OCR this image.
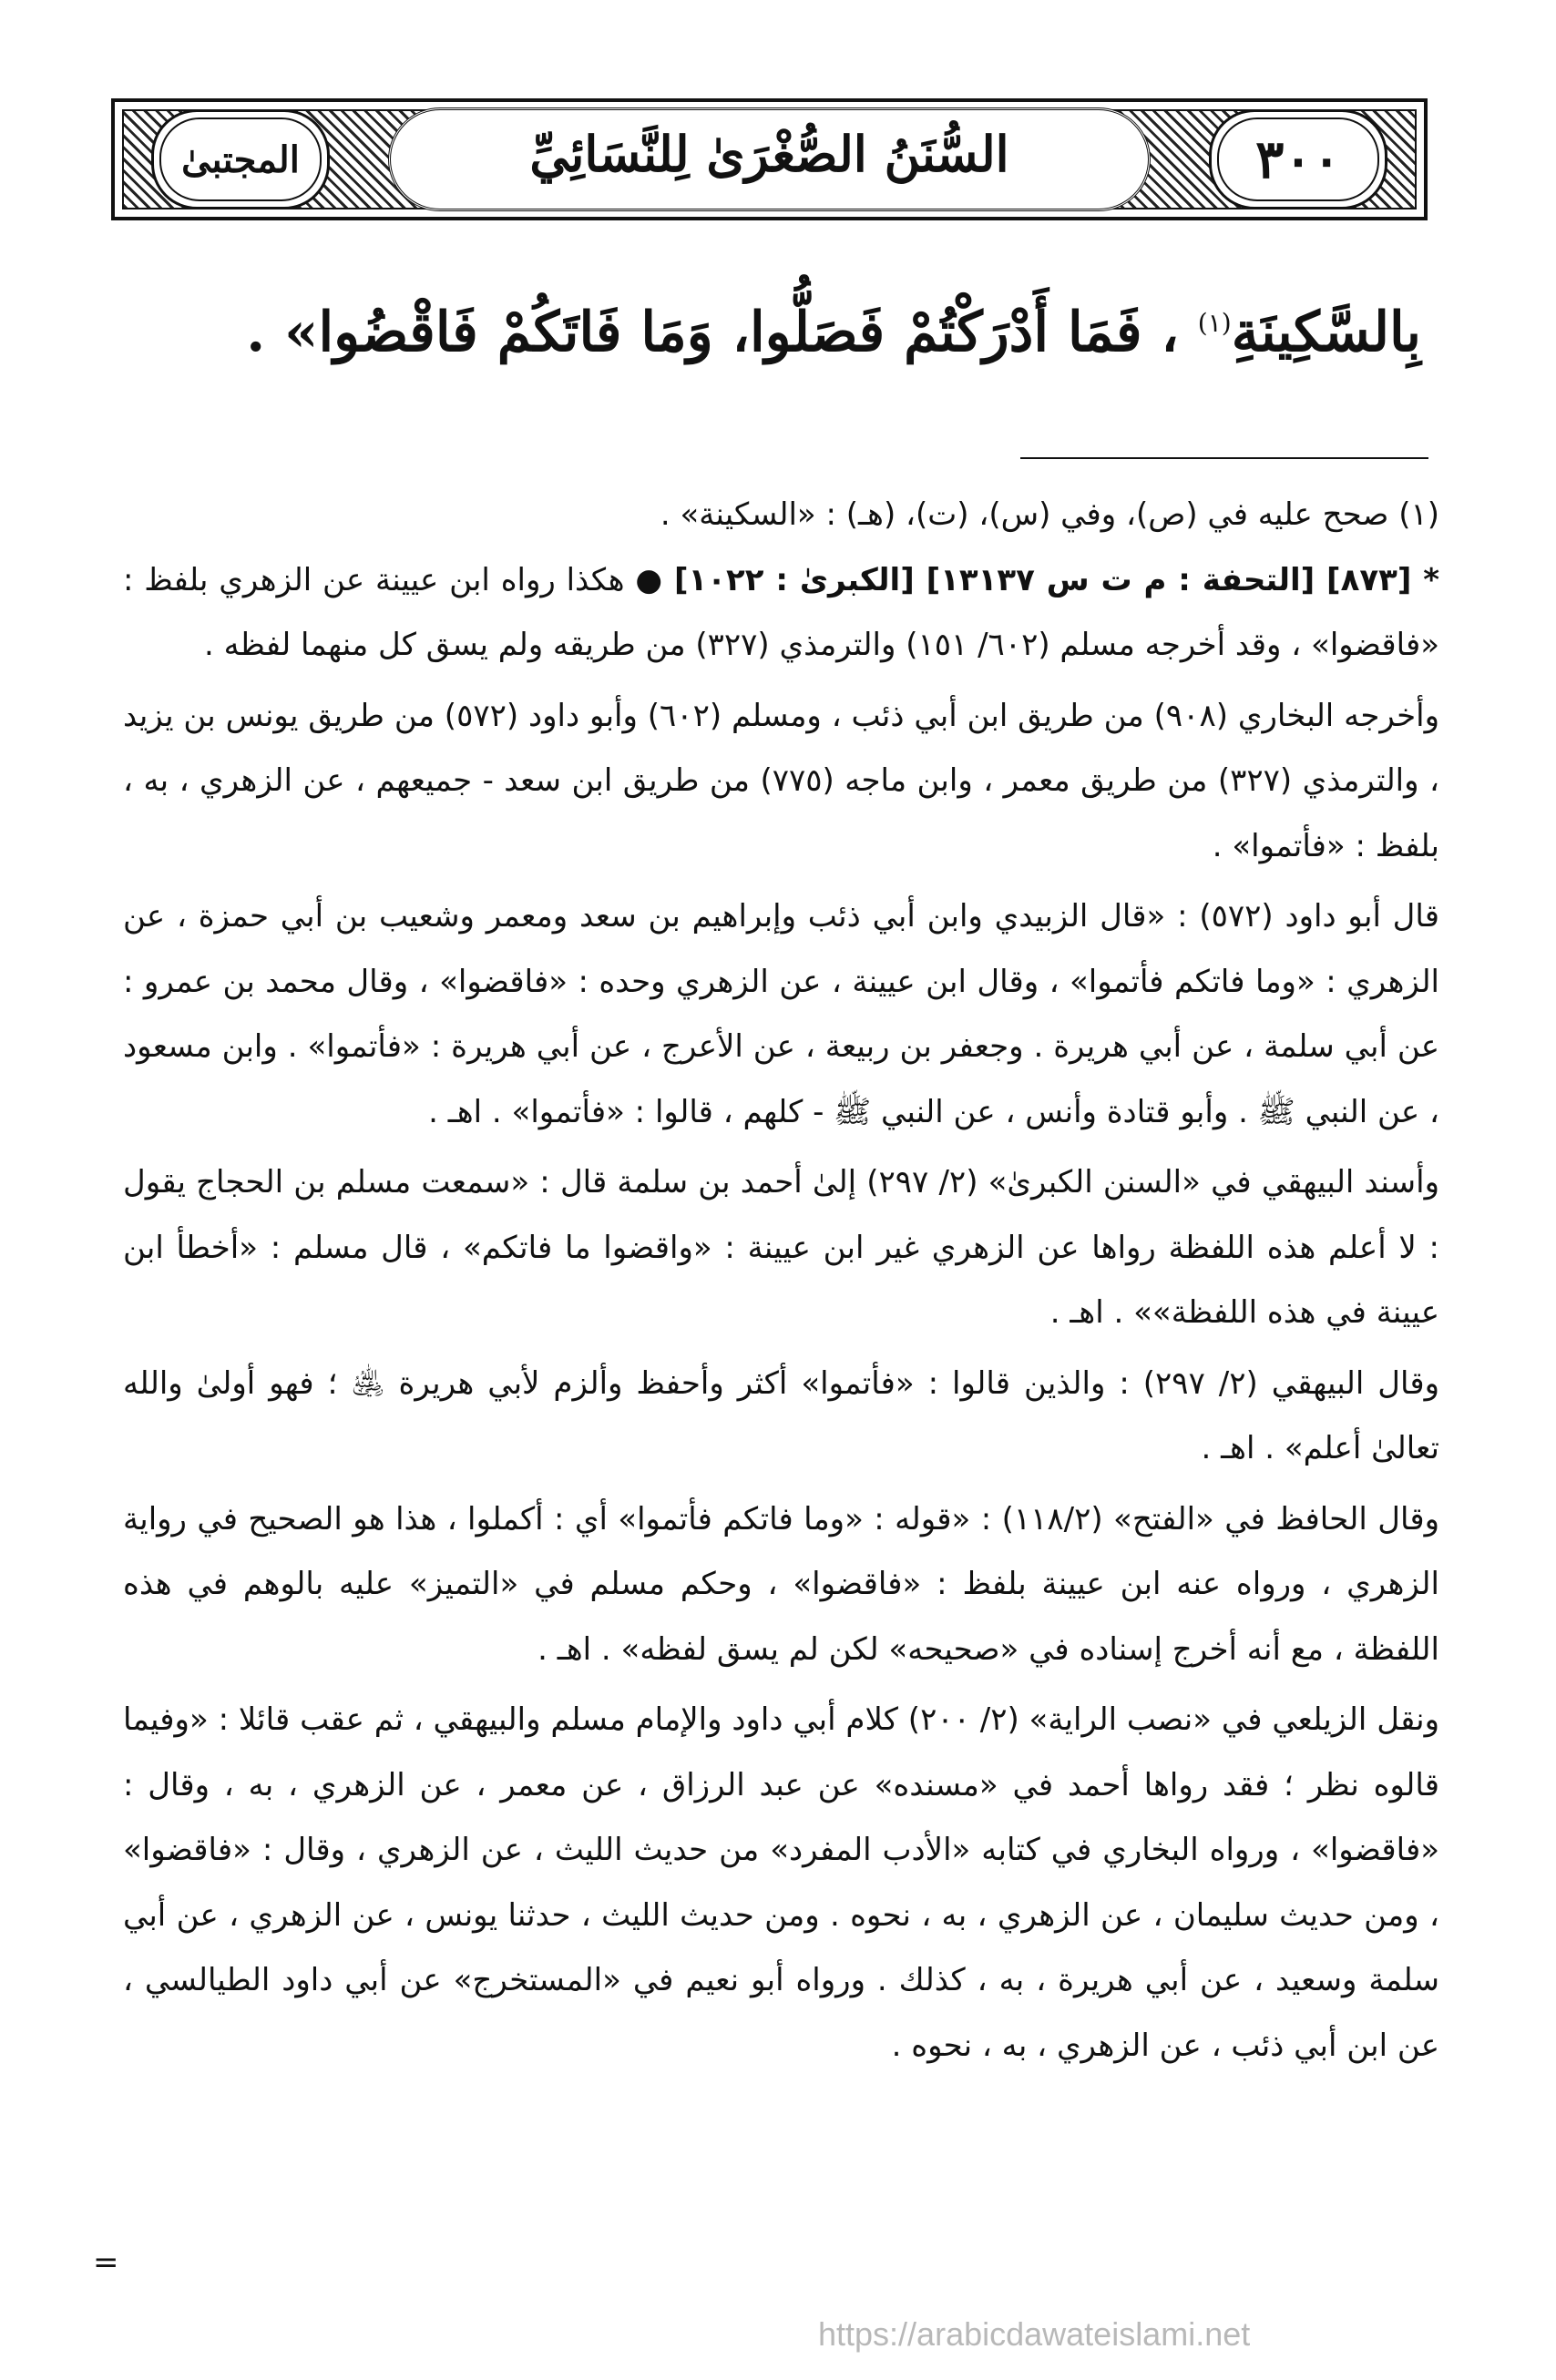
السُّنَنُ الصُّغْرَىٰ لِلنَّسَائِيِّ	٣٠٠
المجتبىٰ
بِالسَّكِينَةِ$^{(١)}$ ، فَمَا أَدْرَكْتُمْ فَصَلُّوا، وَمَا فَاتَكُمْ فَاقْضُوا» .

(١) صحح عليه في (ص)، وفي (س)، (ت)، (هـ) : «السكينة» .

* [٨٧٣] [التحفة : م ت س ١٣١٣٧] [الكبرىٰ : ١٠٢٢] ● هكذا رواه ابن عيينة عن الزهري بلفظ : «فاقضوا» ، وقد أخرجه مسلم (٦٠٢/ ١٥١) والترمذي (٣٢٧) من طريقه ولم يسق كل منهما لفظه .

وأخرجه البخاري (٩٠٨) من طريق ابن أبي ذئب ، ومسلم (٦٠٢) وأبو داود (٥٧٢) من طريق يونس بن يزيد ، والترمذي (٣٢٧) من طريق معمر ، وابن ماجه (٧٧٥) من طريق ابن سعد - جميعهم ، عن الزهري ، به ، بلفظ : «فأتموا» .

قال أبو داود (٥٧٢) : «قال الزبيدي وابن أبي ذئب وإبراهيم بن سعد ومعمر وشعيب بن أبي حمزة ، عن الزهري : «وما فاتكم فأتموا» ، وقال ابن عيينة ، عن الزهري وحده : «فاقضوا» ، وقال محمد بن عمرو : عن أبي سلمة ، عن أبي هريرة . وجعفر بن ربيعة ، عن الأعرج ، عن أبي هريرة : «فأتموا» . وابن مسعود ، عن النبي ﷺ . وأبو قتادة وأنس ، عن النبي ﷺ - كلهم ، قالوا : «فأتموا» . اهـ .

وأسند البيهقي في «السنن الكبرىٰ» (٢/ ٢٩٧) إلىٰ أحمد بن سلمة قال : «سمعت مسلم بن الحجاج يقول : لا أعلم هذه اللفظة رواها عن الزهري غير ابن عيينة : «واقضوا ما فاتكم» ، قال مسلم : «أخطأ ابن عيينة في هذه اللفظة»» . اهـ .

وقال البيهقي (٢/ ٢٩٧) : والذين قالوا : «فأتموا» أكثر وأحفظ وألزم لأبي هريرة ﵁ ؛ فهو أولىٰ والله تعالىٰ أعلم» . اهـ .

وقال الحافظ في «الفتح» (١١٨/٢) : «قوله : «وما فاتكم فأتموا» أي : أكملوا ، هذا هو الصحيح في رواية الزهري ، ورواه عنه ابن عيينة بلفظ : «فاقضوا» ، وحكم مسلم في «التميز» عليه بالوهم في هذه اللفظة ، مع أنه أخرج إسناده في «صحيحه» لكن لم يسق لفظه» . اهـ .

ونقل الزيلعي في «نصب الراية» (٢/ ٢٠٠) كلام أبي داود والإمام مسلم والبيهقي ، ثم عقب قائلا : «وفيما قالوه نظر ؛ فقد رواها أحمد في «مسنده» عن عبد الرزاق ، عن معمر ، عن الزهري ، به ، وقال : «فاقضوا» ، ورواه البخاري في كتابه «الأدب المفرد» من حديث الليث ، عن الزهري ، وقال : «فاقضوا» ، ومن حديث سليمان ، عن الزهري ، به ، نحوه . ومن حديث الليث ، حدثنا يونس ، عن الزهري ، عن أبي سلمة وسعيد ، عن أبي هريرة ، به ، كذلك . ورواه أبو نعيم في «المستخرج» عن أبي داود الطيالسي ، عن ابن أبي ذئب ، عن الزهري ، به ، نحوه .

=
https://arabicdawateislami.net
